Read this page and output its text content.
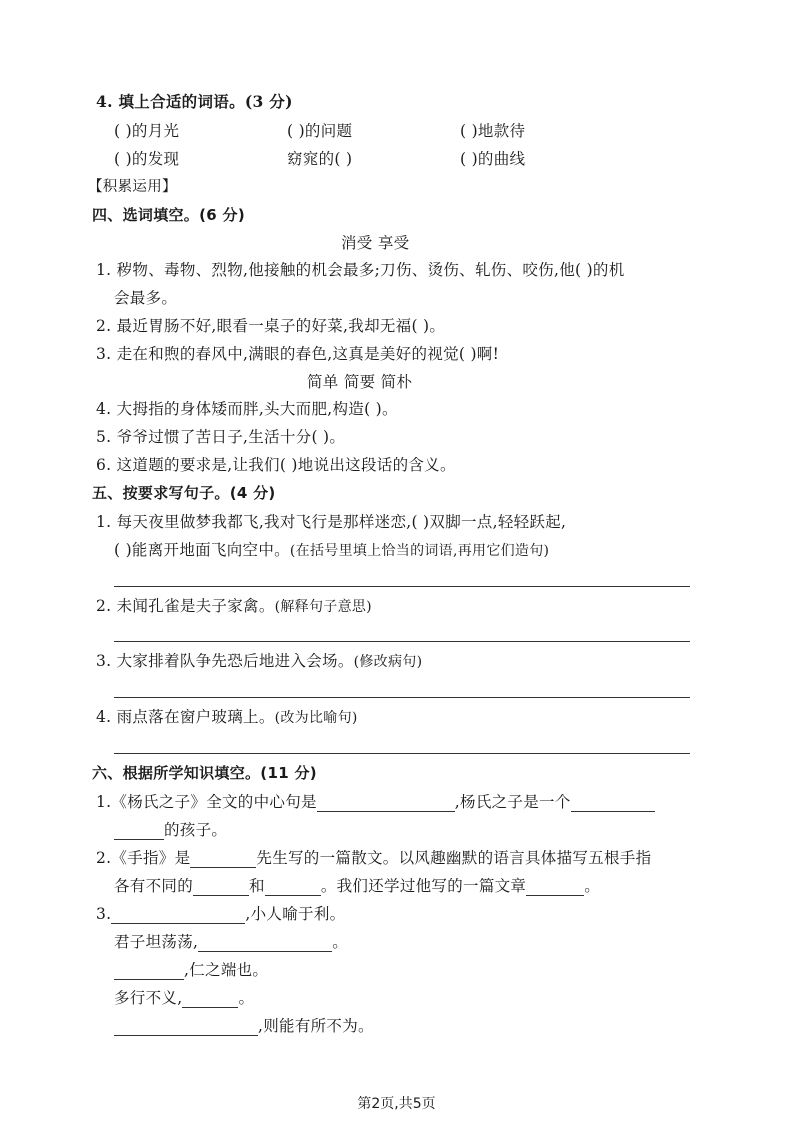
4. 填上合适的词语。(3 分)
( )的月光	( )的问题	( )地款待
( )的发现	窈窕的( )	( )的曲线
【积累运用】
四、选词填空。(6 分)
消受 享受
1. 秽物、毒物、烈物,他接触的机会最多;刀伤、烫伤、轧伤、咬伤,他( )的机
会最多。
2. 最近胃肠不好,眼看一桌子的好菜,我却无福( )。
3. 走在和煦的春风中,满眼的春色,这真是美好的视觉( )啊!
简单 简要 简朴
4. 大拇指的身体矮而胖,头大而肥,构造( )。
5. 爷爷过惯了苦日子,生活十分( )。
6. 这道题的要求是,让我们( )地说出这段话的含义。
五、按要求写句子。(4 分)
1. 每天夜里做梦我都飞,我对飞行是那样迷恋,( )双脚一点,轻轻跃起,
( )能离开地面飞向空中。(在括号里填上恰当的词语,再用它们造句)
2. 未闻孔雀是夫子家禽。(解释句子意思)
3. 大家排着队争先恐后地进入会场。(修改病句)
4. 雨点落在窗户玻璃上。(改为比喻句)
六、根据所学知识填空。(11 分)
1.《杨氏之子》全文的中心句是	,杨氏之子是一个
的孩子。
2.《手指》是	先生写的一篇散文。以风趣幽默的语言具体描写五根手指
各有不同的	和	。我们还学过他写的一篇文章	。
3.	,小人喻于利。
君子坦荡荡,	。
,仁之端也。
多行不义,	。
,则能有所不为。
第2页,共5页
